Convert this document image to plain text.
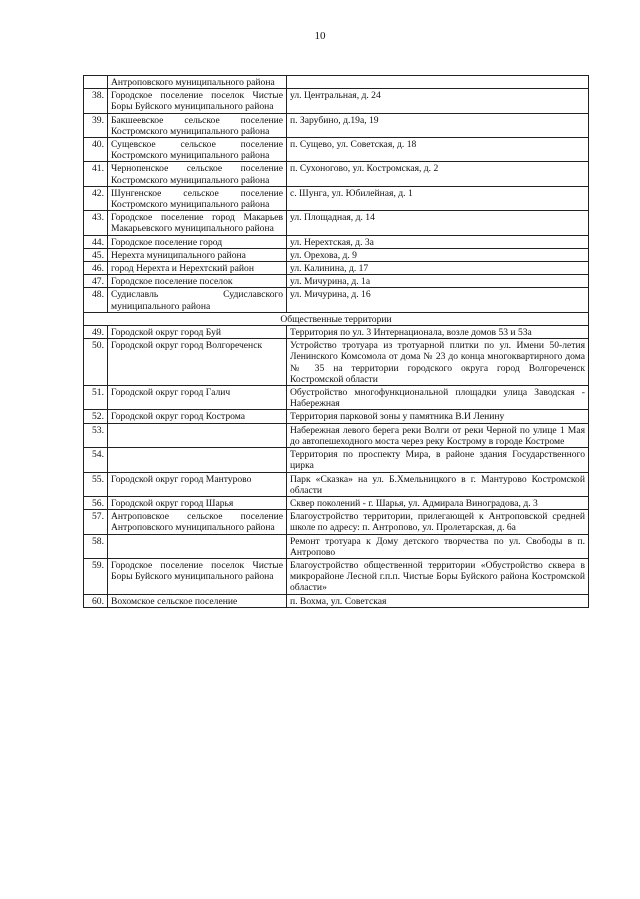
10
	Антроповского муниципального района	
38.	Городское поселение поселок Чистые Боры Буйского муниципального района	ул. Центральная, д. 24
39.	Бакшеевское сельское поселение Костромского муниципального района	п. Зарубино, д.19а, 19
40.	Сущевское сельское поселение Костромского муниципального района	п. Сущево, ул. Советская, д. 18
41.	Чернопенское сельское поселение Костромского муниципального района	п. Сухоногово, ул. Костромская, д. 2
42.	Шунгенское сельское поселение Костромского муниципального района	с. Шунга, ул. Юбилейная, д. 1
43.	Городское поселение город Макарьев Макарьевского муниципального района	ул. Площадная, д. 14
44.	Городское поселение город	ул. Нерехтская, д. 3а
45.	Нерехта муниципального района	ул. Орехова, д. 9
46.	город Нерехта и Нерехтский район	ул. Калинина, д. 17
47.	Городское поселение поселок	ул. Мичурина, д. 1а
48.	Судиславль Судиславского муниципального района	ул. Мичурина, д. 16
Общественные территории		
49.	Городской округ город Буй	Территория по ул. 3 Интернационала, возле домов 53 и 53а
50.	Городской округ город Волгореченск	Устройство тротуара из тротуарной плитки по ул. Имени 50-летия Ленинского Комсомола от дома № 23 до конца многоквартирного дома № 35 на территории городского округа город Волгореченск Костромской области
51.	Городской округ город Галич	Обустройство многофункциональной площадки улица Заводская - Набережная
52.	Городской округ город Кострома	Территория парковой зоны у памятника В.И Ленину
53.		Набережная левого берега реки Волги от реки Черной по улице 1 Мая до автопешеходного моста через реку Кострому в городе Костроме
54.		Территория по проспекту Мира, в районе здания Государственного цирка
55.	Городской округ город Мантурово	Парк «Сказка» на ул. Б.Хмельницкого в г. Мантурово Костромской области
56.	Городской округ город Шарья	Сквер поколений - г. Шарья, ул. Адмирала Виноградова, д. 3
57.	Антроповское сельское поселение Антроповского муниципального района	Благоустройство территории, прилегающей к Антроповской средней школе по адресу: п. Антропово, ул. Пролетарская, д. 6а
58.		Ремонт тротуара к Дому детского творчества по ул. Свободы в п. Антропово
59.	Городское поселение поселок Чистые Боры Буйского муниципального района	Благоустройство общественной территории «Обустройство сквера в микрорайоне Лесной г.п.п. Чистые Боры Буйского района Костромской области»
60.	Вохомское сельское поселение	п. Вохма, ул. Советская
